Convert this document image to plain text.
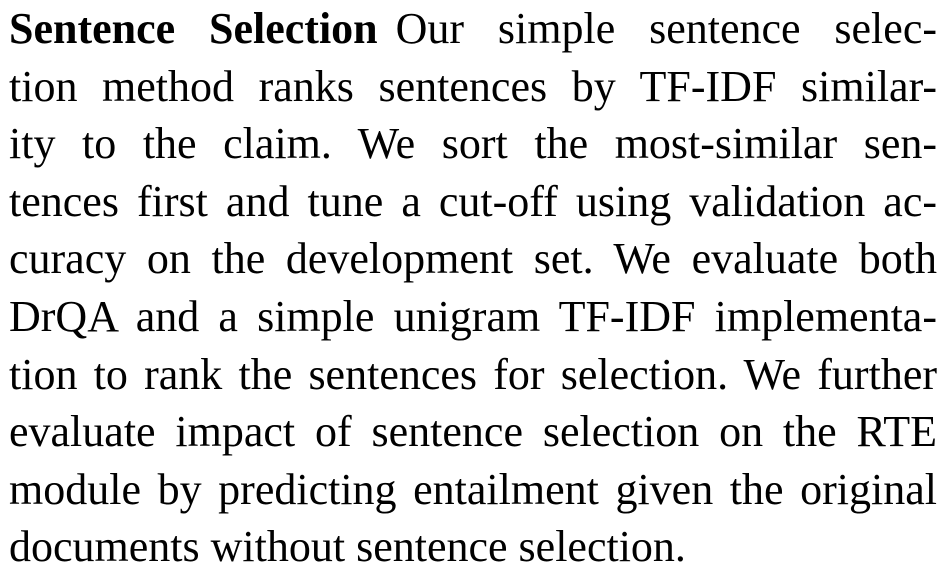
Sentence Selection Our simple sentence selec-
tion method ranks sentences by TF-IDF similar-
ity to the claim. We sort the most-similar sen-
tences first and tune a cut-off using validation ac-
curacy on the development set. We evaluate both
DrQA and a simple unigram TF-IDF implementa-
tion to rank the sentences for selection. We further
evaluate impact of sentence selection on the RTE
module by predicting entailment given the original
documents without sentence selection.
